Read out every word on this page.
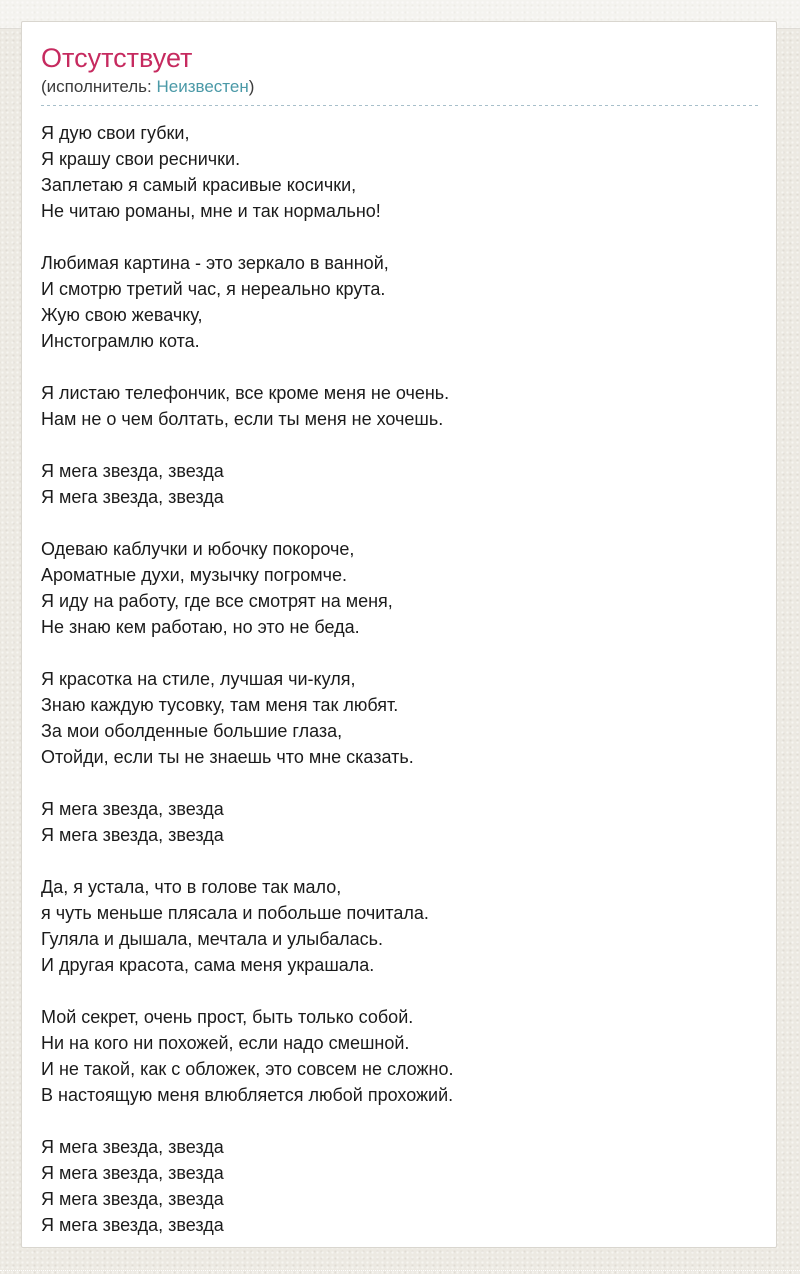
Отсутствует
(исполнитель: Неизвестен)

Я дую свои губки,
Я крашу свои реснички.
Заплетаю я самый красивые косички,
Не читаю романы, мне и так нормально!

Любимая картина - это зеркало в ванной,
И смотрю третий час, я нереально крута.
Жую свою жевачку,
Инстограмлю кота.

Я листаю телефончик, все кроме меня не очень.
Нам не о чем болтать, если ты меня не хочешь.

Я мега звезда, звезда
Я мега звезда, звезда

Одеваю каблучки и юбочку покороче,
Ароматные духи, музычку погромче.
Я иду на работу, где все смотрят на меня,
Не знаю кем работаю, но это не беда.

Я красотка на стиле, лучшая чи-куля,
Знаю каждую тусовку, там меня так любят.
За мои оболденные большие глаза,
Отойди, если ты не знаешь что мне сказать.

Я мега звезда, звезда
Я мега звезда, звезда

Да, я устала, что в голове так мало,
я чуть меньше плясала и побольше почитала.
Гуляла и дышала, мечтала и улыбалась.
И другая красота, сама меня украшала.

Мой секрет, очень прост, быть только собой.
Ни на кого ни похожей, если надо смешной.
И не такой, как с обложек, это совсем не сложно.
В настоящую меня влюбляется любой прохожий.

Я мега звезда, звезда
Я мега звезда, звезда
Я мега звезда, звезда
Я мега звезда, звезда
